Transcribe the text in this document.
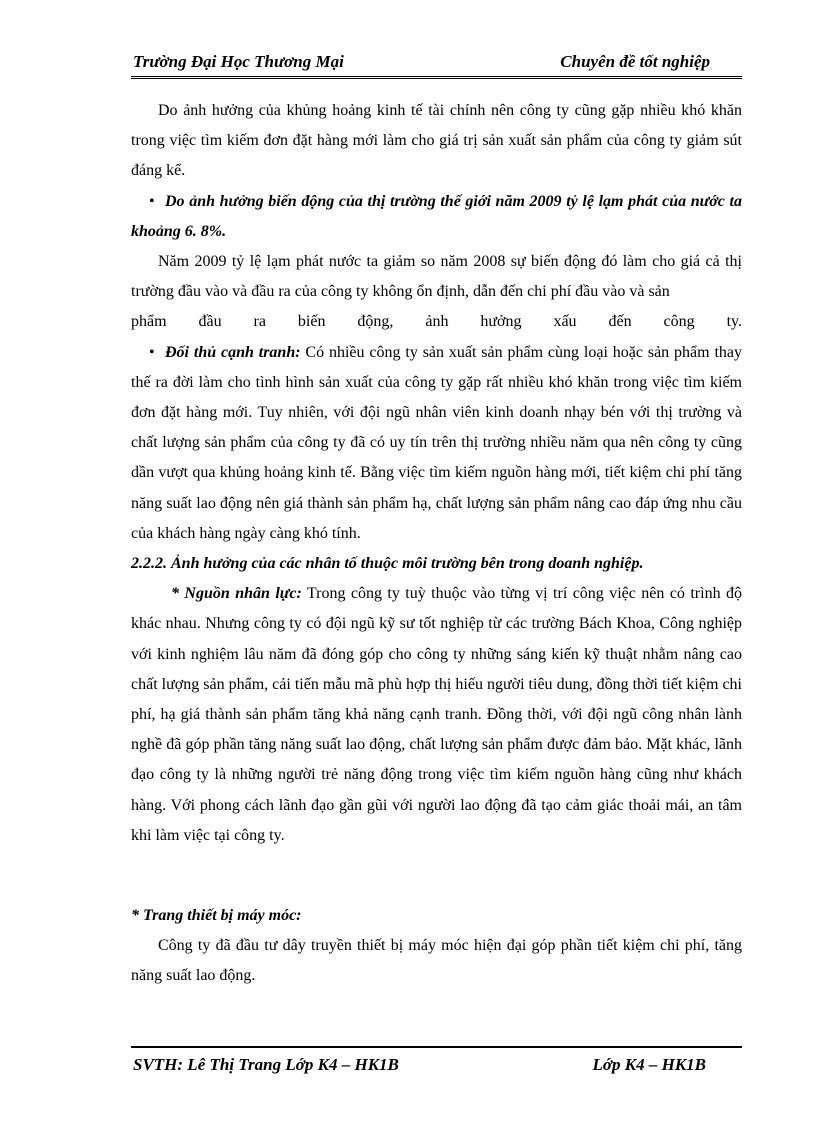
Trường Đại Học Thương Mại	Chuyên đề tốt nghiệp

Do ảnh hưởng của khủng hoảng kinh tế tài chính nên công ty cũng gặp nhiều khó khăn trong việc tìm kiếm đơn đặt hàng mới làm cho giá trị sản xuất sản phẩm của công ty giảm sút đáng kể.

• Do ảnh hưởng biến động của thị trường thế giới năm 2009 tỷ lệ lạm phát của nước ta khoảng 6. 8%.

Năm 2009 tỷ lệ lạm phát nước ta giảm so năm 2008 sự biến động đó làm cho giá cả thị trường đầu vào và đầu ra của công ty không ổn định, dẫn đến chi phí đầu vào và sản

phẩm đầu ra biến động, ảnh hưởng xấu đến công ty.

• Đối thủ cạnh tranh: Có nhiều công ty sản xuất sản phẩm cùng loại hoặc sản phẩm thay thế ra đời làm cho tình hình sản xuất của công ty gặp rất nhiều khó khăn trong việc tìm kiếm đơn đặt hàng mới. Tuy nhiên, với đội ngũ nhân viên kinh doanh nhạy bén với thị trường và chất lượng sản phẩm của công ty đã có uy tín trên thị trường nhiều năm qua nên công ty cũng dần vượt qua khủng hoảng kinh tế. Bằng việc tìm kiếm nguồn hàng mới, tiết kiệm chi phí tăng năng suất lao động nên giá thành sản phẩm hạ, chất lượng sản phẩm nâng cao đáp ứng nhu cầu của khách hàng ngày càng khó tính.

2.2.2. Ảnh hưởng của các nhân tố thuộc môi trường bên trong doanh nghiệp.

* Nguồn nhân lực: Trong công ty tuỳ thuộc vào từng vị trí công việc nên có trình độ khác nhau. Nhưng công ty có đội ngũ kỹ sư tốt nghiệp từ các trường Bách Khoa, Công nghiệp với kinh nghiệm lâu năm đã đóng góp cho công ty những sáng kiến kỹ thuật nhằm nâng cao chất lượng sản phẩm, cải tiến mẫu mã phù hợp thị hiếu người tiêu dung, đồng thời tiết kiệm chi phí, hạ giá thành sản phẩm tăng khả năng cạnh tranh. Đồng thời, với đội ngũ công nhân lành nghề đã góp phần tăng năng suất lao động, chất lượng sản phẩm được đảm bảo. Mặt khác, lãnh đạo công ty là những người trẻ năng động trong việc tìm kiếm nguồn hàng cũng như khách hàng. Với phong cách lãnh đạo gần gũi với người lao động đã tạo cảm giác thoải mái, an tâm khi làm việc tại công ty.

* Trang thiết bị máy móc:

Công ty đã đầu tư dây truyền thiết bị máy móc hiện đại góp phần tiết kiệm chi phí, tăng năng suất lao động.

SVTH: Lê Thị Trang Lớp K4 – HK1B	Lớp K4 – HK1B
